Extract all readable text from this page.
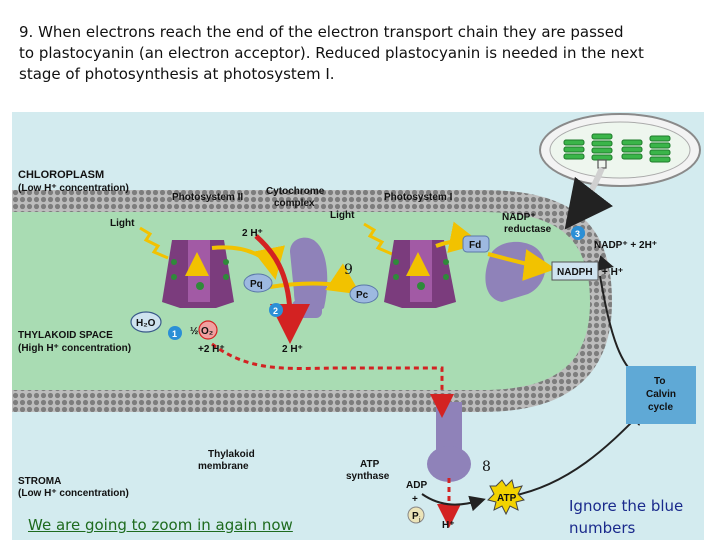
9. When electrons reach the end of the electron transport chain they are passed
to plastocyanin (an electron acceptor). Reduced plastocyanin is needed in the next
stage of photosynthesis at photosystem I.
CHLOROPLASM
(Low H⁺ concentration)
Photosystem II
Cytochrome
complex
Photosystem I
Light
Light
2 H⁺
NADP⁺
reductase
Fd
Pq
Pc
NADP⁺ + 2H⁺
NADPH + H⁺
THYLAKOID SPACE
(High H⁺ concentration)
H₂O
½ O₂
+2 H⁺	2 H⁺
To
Calvin
cycle
Thylakoid
membrane	ATP
synthase
ADP
+
P i
ATP
H⁺
STROMA
(Low H⁺ concentration)
1
2
3
9
8
We are going to zoom in again now
Ignore the blue
numbers
